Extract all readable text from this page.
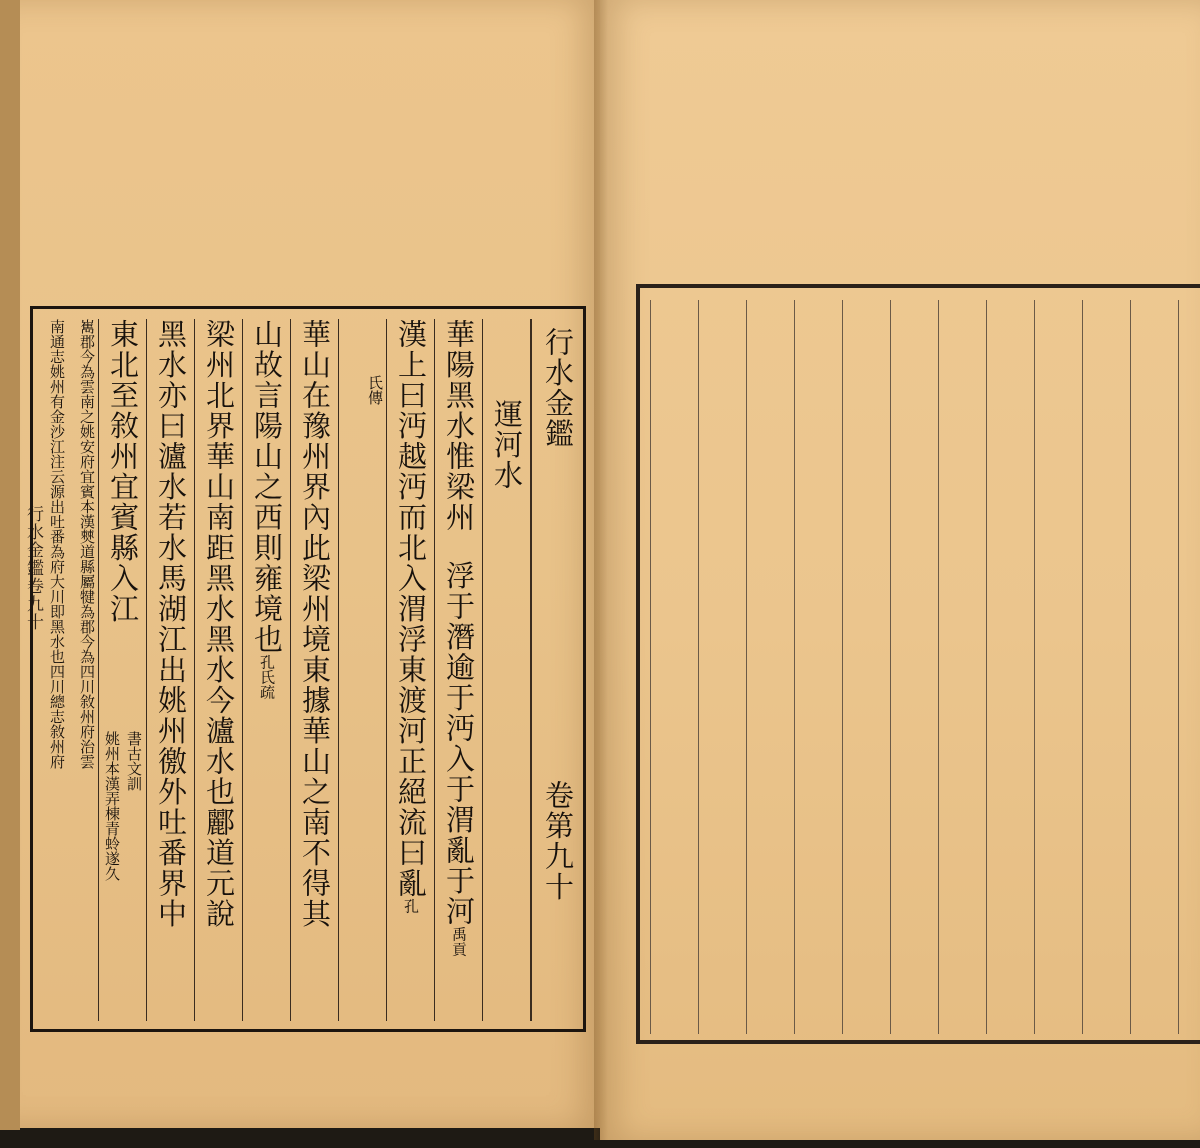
行水金鑑卷九十
行水金鑑  卷第九十
運河水
華陽黑水惟梁州浮于潛逾于沔入于渭亂于河禹貢
漢上曰沔越沔而北入渭浮東渡河正絕流曰亂孔
氏傳
華山在豫州界內此梁州境東據華山之南不得其
山故言陽山之西則雍境也孔氏疏
梁州北界華山南距黑水黑水今瀘水也酈道元說
黑水亦曰瀘水若水馬湖江出姚州徼外吐番界中
東北至敘州宜賓縣入江
書古文訓
姚州本漢弄棟青蛉遂久
嶲郡今為雲南之姚安府宜賓本漢僰道縣屬犍為郡今為四川敘州府治雲
南通志姚州有金沙江注云源出吐番為府大川即黑水也四川總志敘州府
